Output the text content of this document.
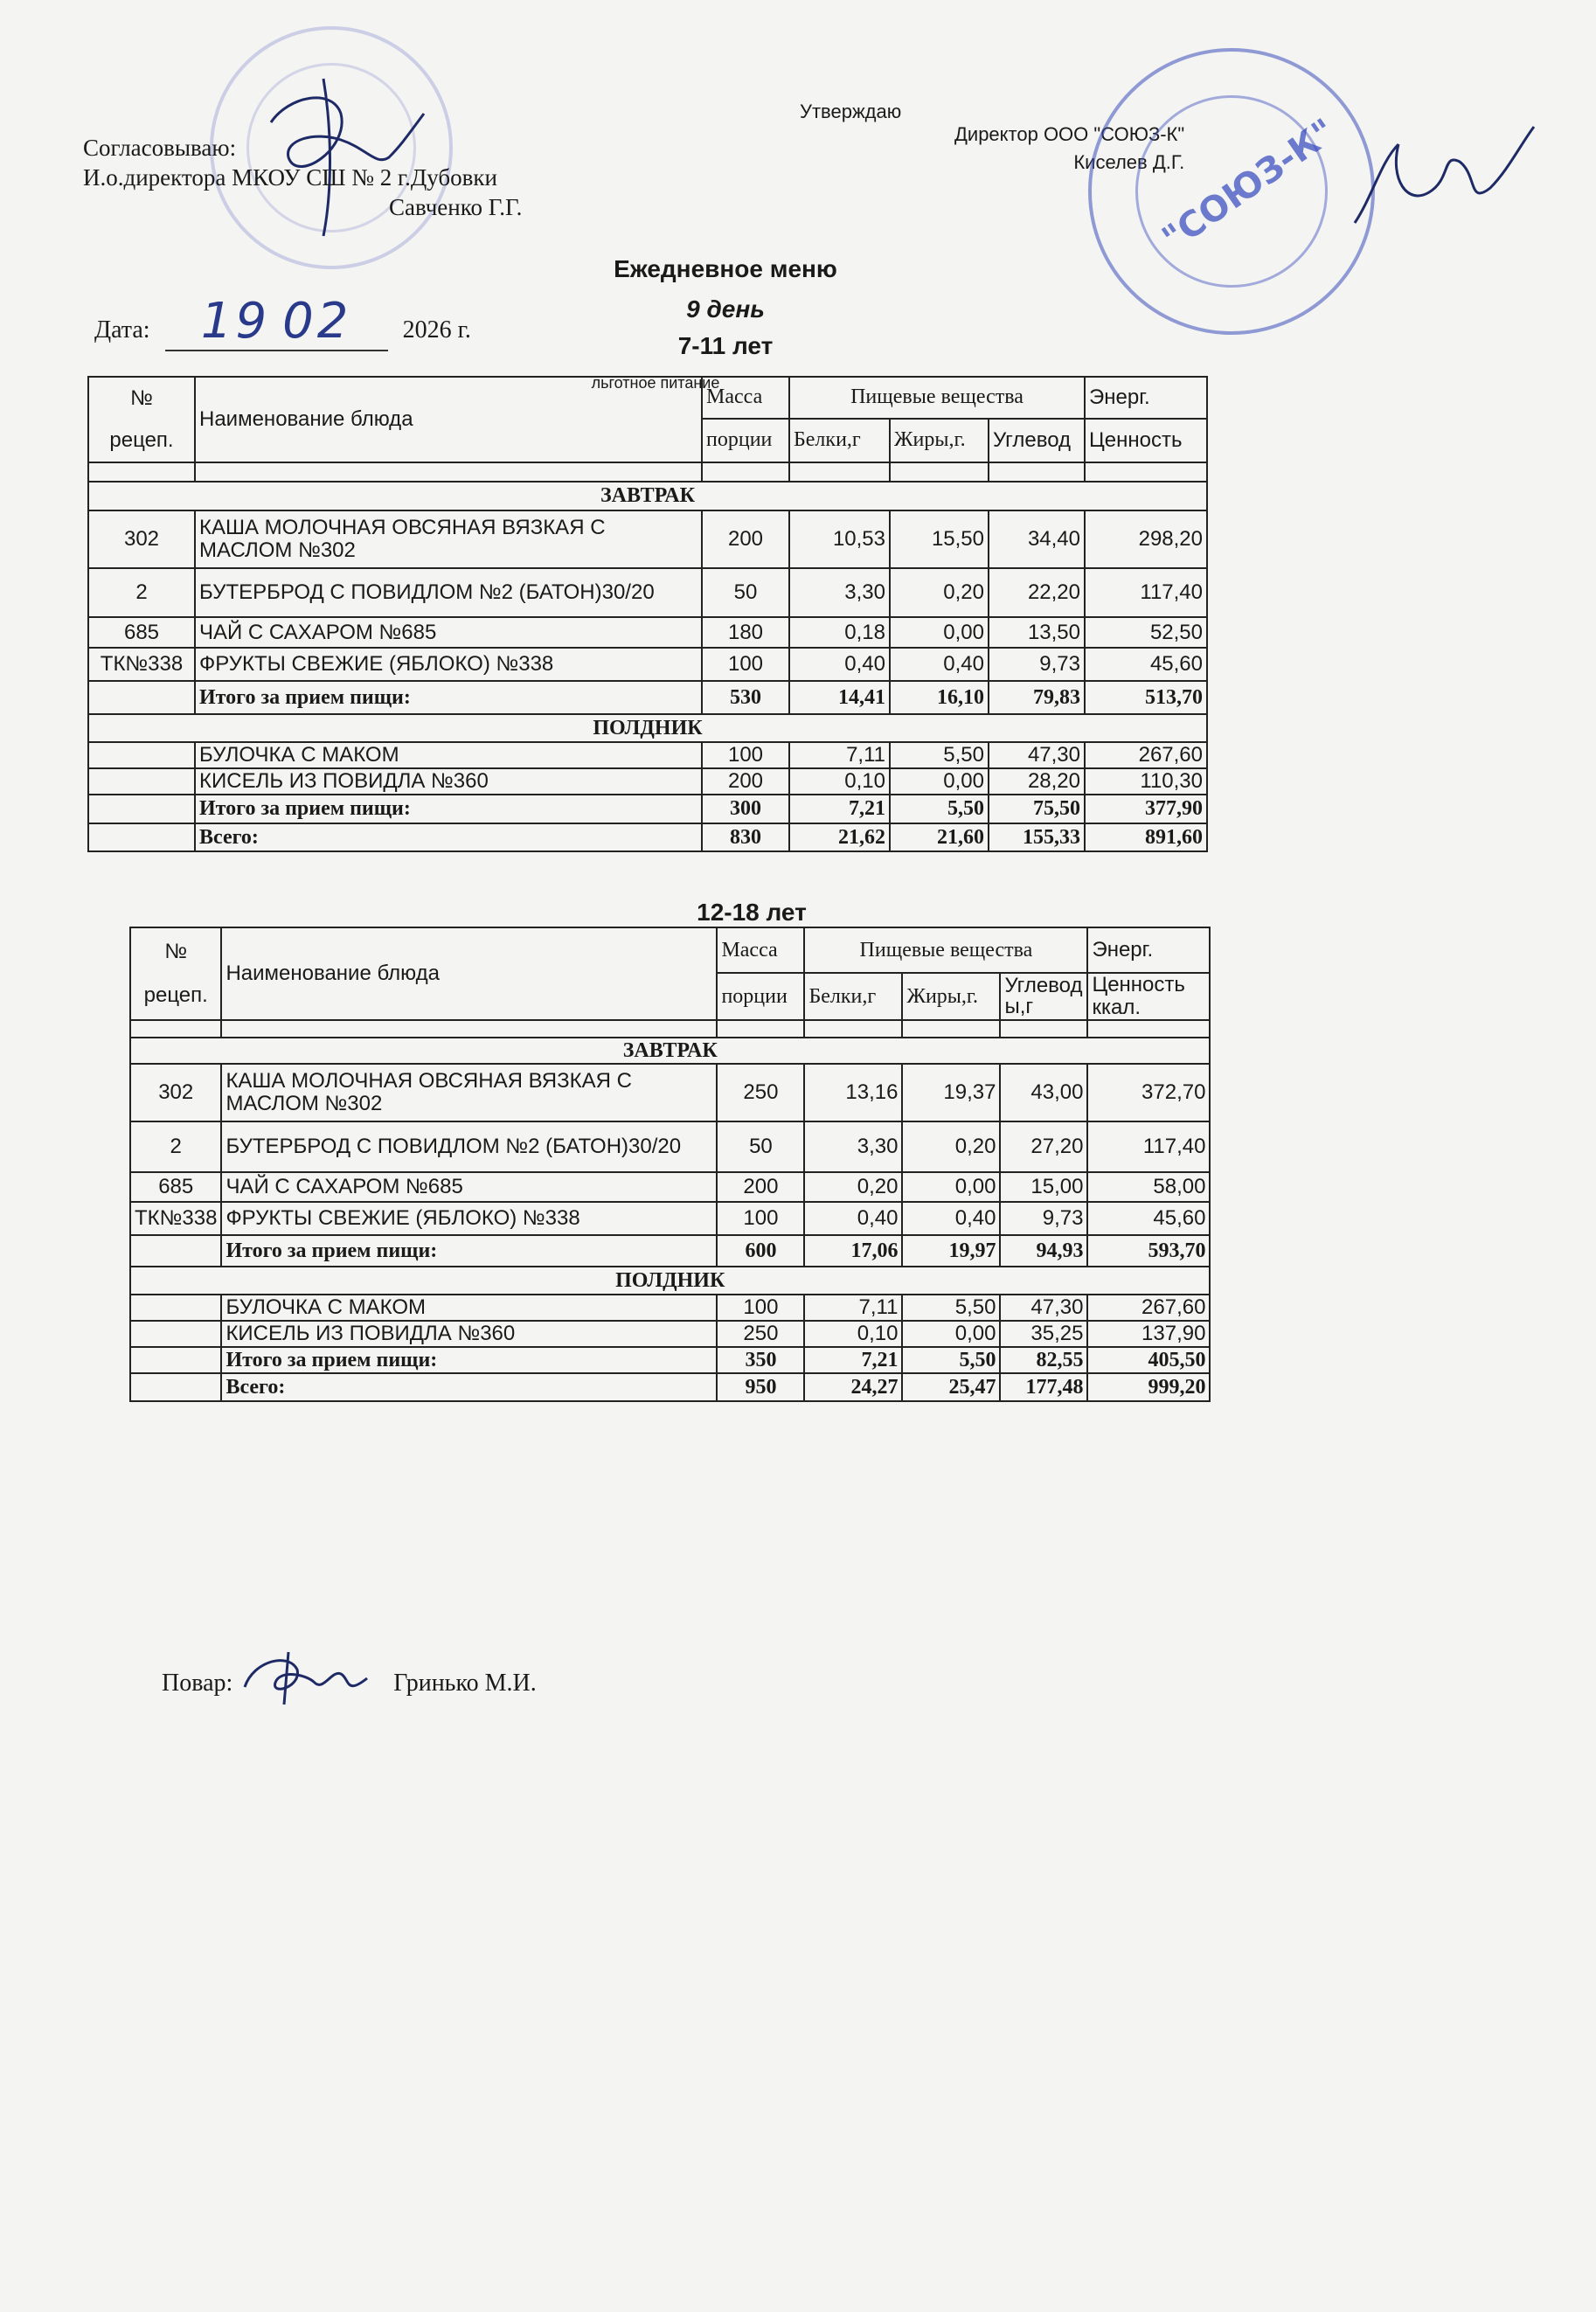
Согласовываю:
И.о.директора МКОУ СШ № 2 г.Дубовки
Савченко Г.Г.
Утверждаю
Директор ООО "СОЮЗ-К"
Киселев Д.Г.
"СОЮЗ-К"
Дата: 19 02 2026 г.
Ежедневное меню
9 день
7-11 лет
льготное питание
№
рецеп.	Наименование блюда	Масса	Пищевые вещества			Энерг.
		порции	Белки,г	Жиры,г.	Углевод	Ценность

ЗАВТРАК						
302	КАША МОЛОЧНАЯ ОВСЯНАЯ ВЯЗКАЯ С МАСЛОМ №302	200	10,53	15,50	34,40	298,20
2	БУТЕРБРОД С ПОВИДЛОМ №2 (БАТОН)30/20	50	3,30	0,20	22,20	117,40
685	ЧАЙ С САХАРОМ №685	180	0,18	0,00	13,50	52,50
ТК№338	ФРУКТЫ СВЕЖИЕ (ЯБЛОКО) №338	100	0,40	0,40	9,73	45,60
	Итого за прием пищи:	530	14,41	16,10	79,83	513,70
ПОЛДНИК						
	БУЛОЧКА С МАКОМ	100	7,11	5,50	47,30	267,60
	КИСЕЛЬ ИЗ ПОВИДЛА №360	200	0,10	0,00	28,20	110,30
	Итого за прием пищи:	300	7,21	5,50	75,50	377,90
	Всего:	830	21,62	21,60	155,33	891,60
12-18 лет
№
рецеп.	Наименование блюда	Масса	Пищевые вещества			Энерг.
		порции	Белки,г	Жиры,г.	Углевод
ы,г	Ценность
ккал.

ЗАВТРАК						
302	КАША МОЛОЧНАЯ ОВСЯНАЯ ВЯЗКАЯ С МАСЛОМ №302	250	13,16	19,37	43,00	372,70
2	БУТЕРБРОД С ПОВИДЛОМ №2 (БАТОН)30/20	50	3,30	0,20	27,20	117,40
685	ЧАЙ С САХАРОМ №685	200	0,20	0,00	15,00	58,00
ТК№338	ФРУКТЫ СВЕЖИЕ (ЯБЛОКО) №338	100	0,40	0,40	9,73	45,60
	Итого за прием пищи:	600	17,06	19,97	94,93	593,70
ПОЛДНИК						
	БУЛОЧКА С МАКОМ	100	7,11	5,50	47,30	267,60
	КИСЕЛЬ ИЗ ПОВИДЛА №360	250	0,10	0,00	35,25	137,90
	Итого за прием пищи:	350	7,21	5,50	82,55	405,50
	Всего:	950	24,27	25,47	177,48	999,20
Повар:	Гринько М.И.
